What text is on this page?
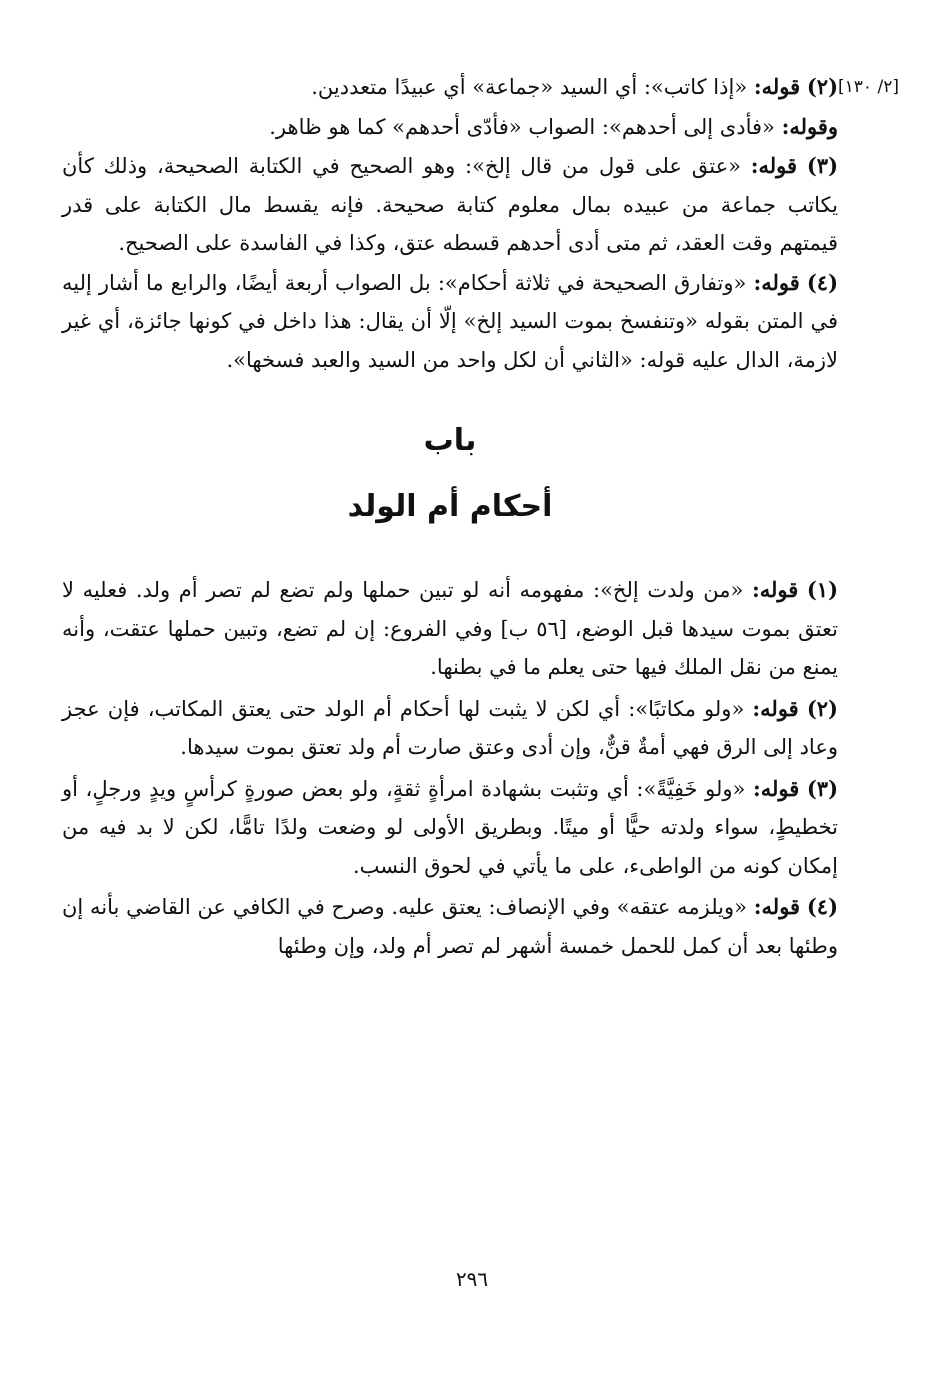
[٢/ ١٣٠]

(٢) قوله: «إذا كاتب»: أي السيد «جماعة» أي عبيدًا متعددين.

وقوله: «فأدى إلى أحدهم»: الصواب «فأدّى أحدهم» كما هو ظاهر.

(٣) قوله: «عتق على قول من قال إلخ»: وهو الصحيح في الكتابة الصحيحة، وذلك كأن يكاتب جماعة من عبيده بمال معلوم كتابة صحيحة. فإنه يقسط مال الكتابة على قدر قيمتهم وقت العقد، ثم متى أدى أحدهم قسطه عتق، وكذا في الفاسدة على الصحيح.

(٤) قوله: «وتفارق الصحيحة في ثلاثة أحكام»: بل الصواب أربعة أيضًا، والرابع ما أشار إليه في المتن بقوله «وتنفسخ بموت السيد إلخ» إلّا أن يقال: هذا داخل في كونها جائزة، أي غير لازمة، الدال عليه قوله: «الثاني أن لكل واحد من السيد والعبد فسخها».

باب
أحكام أم الولد

(١) قوله: «من ولدت إلخ»: مفهومه أنه لو تبين حملها ولم تضع لم تصر أم ولد. فعليه لا تعتق بموت سيدها قبل الوضع، [٥٦ ب] وفي الفروع: إن لم تضع، وتبين حملها عتقت، وأنه يمنع من نقل الملك فيها حتى يعلم ما في بطنها.

(٢) قوله: «ولو مكاتبًا»: أي لكن لا يثبت لها أحكام أم الولد حتى يعتق المكاتب، فإن عجز وعاد إلى الرق فهي أمةٌ قنٌّ، وإن أدى وعتق صارت أم ولد تعتق بموت سيدها.

(٣) قوله: «ولو خَفِيَّةً»: أي وتثبت بشهادة امرأةٍ ثقةٍ، ولو بعض صورةٍ كرأسٍ ويدٍ ورجلٍ، أو تخطيطٍ، سواء ولدته حيًّا أو ميتًا. وبطريق الأولى لو وضعت ولدًا تامًّا، لكن لا بد فيه من إمكان كونه من الواطىء، على ما يأتي في لحوق النسب.

(٤) قوله: «ويلزمه عتقه» وفي الإنصاف: يعتق عليه. وصرح في الكافي عن القاضي بأنه إن وطئها بعد أن كمل للحمل خمسة أشهر لم تصر أم ولد، وإن وطئها

٢٩٦
